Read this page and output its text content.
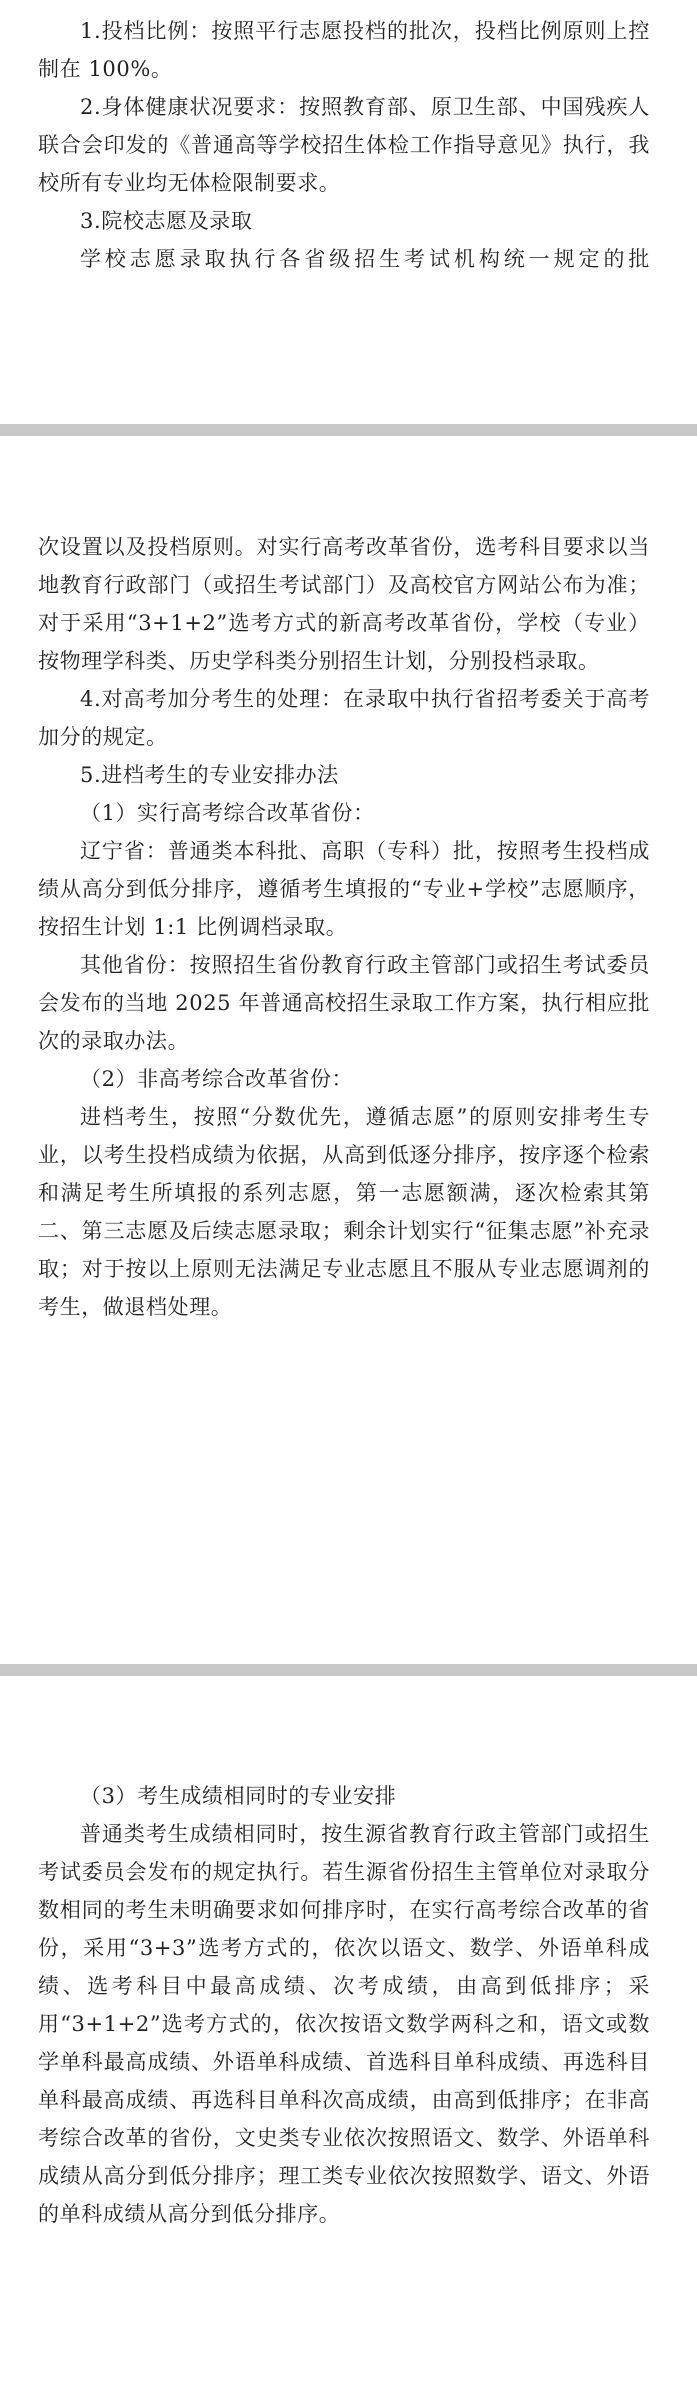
1.投档比例：按照平行志愿投档的批次，投档比例原则上控制在 100%。

2.身体健康状况要求：按照教育部、原卫生部、中国残疾人联合会印发的《普通高等学校招生体检工作指导意见》执行，我校所有专业均无体检限制要求。

3.院校志愿及录取

学校志愿录取执行各省级招生考试机构统一规定的批

次设置以及投档原则。对实行高考改革省份，选考科目要求以当地教育行政部门（或招生考试部门）及高校官方网站公布为准；对于采用“3+1+2”选考方式的新高考改革省份，学校（专业）按物理学科类、历史学科类分别招生计划，分别投档录取。

4.对高考加分考生的处理：在录取中执行省招考委关于高考加分的规定。

5.进档考生的专业安排办法

（1）实行高考综合改革省份：

辽宁省：普通类本科批、高职（专科）批，按照考生投档成绩从高分到低分排序，遵循考生填报的“专业+学校”志愿顺序，按招生计划 1:1 比例调档录取。

其他省份：按照招生省份教育行政主管部门或招生考试委员会发布的当地 2025 年普通高校招生录取工作方案，执行相应批次的录取办法。

（2）非高考综合改革省份：

进档考生，按照“分数优先，遵循志愿”的原则安排考生专业，以考生投档成绩为依据，从高到低逐分排序，按序逐个检索和满足考生所填报的系列志愿，第一志愿额满，逐次检索其第二、第三志愿及后续志愿录取；剩余计划实行“征集志愿”补充录取；对于按以上原则无法满足专业志愿且不服从专业志愿调剂的考生，做退档处理。

（3）考生成绩相同时的专业安排

普通类考生成绩相同时，按生源省教育行政主管部门或招生考试委员会发布的规定执行。若生源省份招生主管单位对录取分数相同的考生未明确要求如何排序时，在实行高考综合改革的省份，采用“3+3”选考方式的，依次以语文、数学、外语单科成绩、选考科目中最高成绩、次考成绩，由高到低排序；采用“3+1+2”选考方式的，依次按语文数学两科之和，语文或数学单科最高成绩、外语单科成绩、首选科目单科成绩、再选科目单科最高成绩、再选科目单科次高成绩，由高到低排序；在非高考综合改革的省份，文史类专业依次按照语文、数学、外语单科成绩从高分到低分排序；理工类专业依次按照数学、语文、外语的单科成绩从高分到低分排序。
